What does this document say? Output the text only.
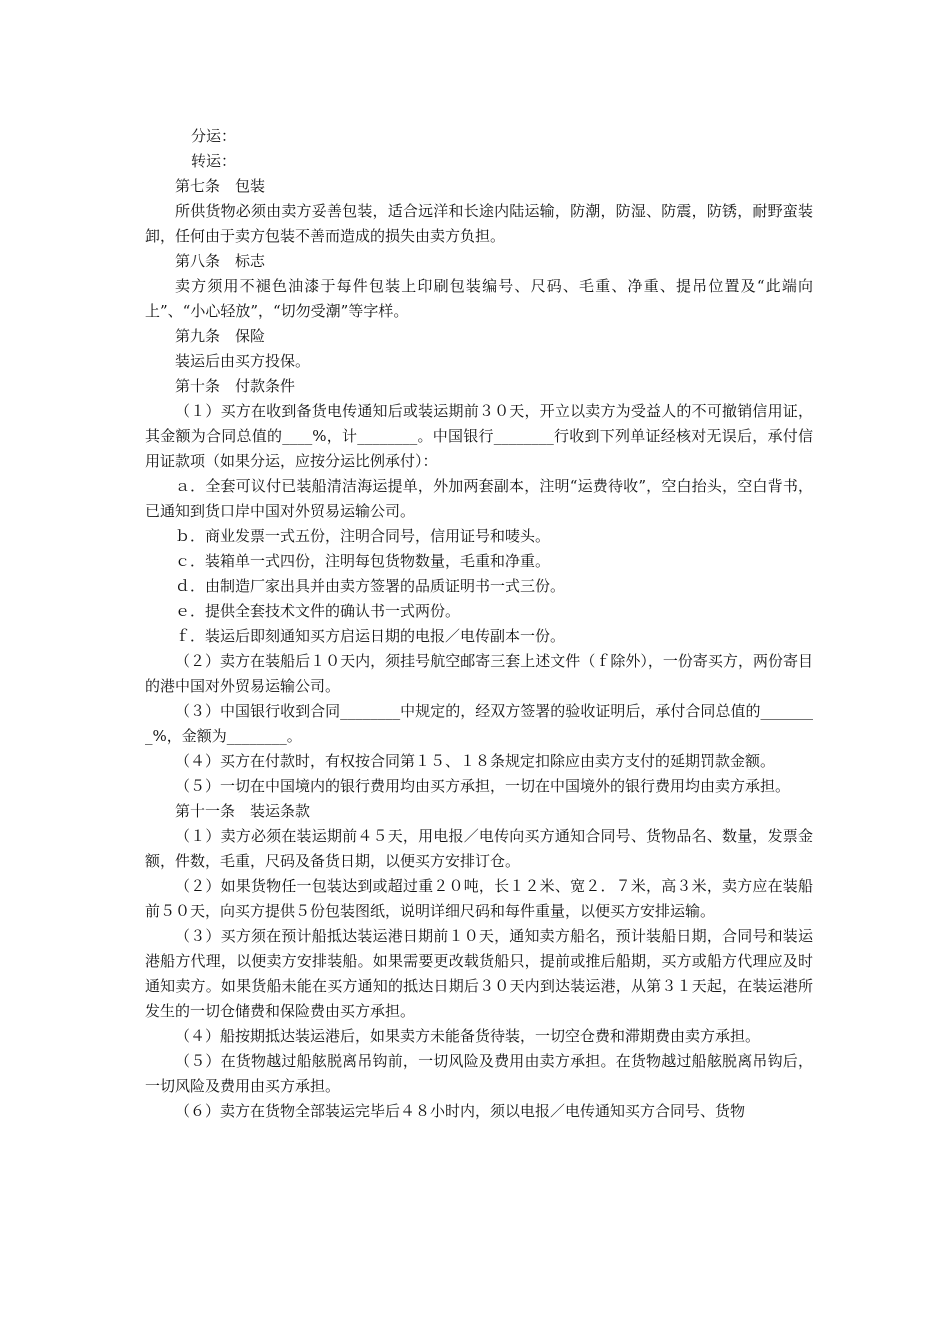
分运：

转运：

第七条　包装

所供货物必须由卖方妥善包装，适合远洋和长途内陆运输，防潮，防湿、防震，防锈，耐野蛮装卸，任何由于卖方包装不善而造成的损失由卖方负担。

第八条　标志

卖方须用不褪色油漆于每件包装上印刷包装编号、尺码、毛重、净重、提吊位置及“此端向上”、“小心轻放”，“切勿受潮”等字样。

第九条　保险

装运后由买方投保。

第十条　付款条件

（１）买方在收到备货电传通知后或装运期前３０天，开立以卖方为受益人的不可撤销信用证，其金额为合同总值的____%，计________。中国银行________行收到下列单证经核对无误后，承付信用证款项（如果分运，应按分运比例承付）：

ａ．全套可议付已装船清洁海运提单，外加两套副本，注明“运费待收”，空白抬头，空白背书，已通知到货口岸中国对外贸易运输公司。

ｂ．商业发票一式五份，注明合同号，信用证号和唛头。

ｃ．装箱单一式四份，注明每包货物数量，毛重和净重。

ｄ．由制造厂家出具并由卖方签署的品质证明书一式三份。

ｅ．提供全套技术文件的确认书一式两份。

ｆ．装运后即刻通知买方启运日期的电报／电传副本一份。

（２）卖方在装船后１０天内，须挂号航空邮寄三套上述文件（ｆ除外），一份寄买方，两份寄目的港中国对外贸易运输公司。

（３）中国银行收到合同________中规定的，经双方签署的验收证明后，承付合同总值的________%，金额为________。

（４）买方在付款时，有权按合同第１５、１８条规定扣除应由卖方支付的延期罚款金额。

（５）一切在中国境内的银行费用均由买方承担，一切在中国境外的银行费用均由卖方承担。

第十一条　装运条款

（１）卖方必须在装运期前４５天，用电报／电传向买方通知合同号、货物品名、数量，发票金额，件数，毛重，尺码及备货日期，以便买方安排订仓。

（２）如果货物任一包装达到或超过重２０吨，长１２米、宽２．７米，高３米，卖方应在装船前５０天，向买方提供５份包装图纸，说明详细尺码和每件重量，以便买方安排运输。

（３）买方须在预计船抵达装运港日期前１０天，通知卖方船名，预计装船日期，合同号和装运港船方代理，以便卖方安排装船。如果需要更改载货船只，提前或推后船期，买方或船方代理应及时通知卖方。如果货船未能在买方通知的抵达日期后３０天内到达装运港，从第３１天起，在装运港所发生的一切仓储费和保险费由买方承担。

（４）船按期抵达装运港后，如果卖方未能备货待装，一切空仓费和滞期费由卖方承担。

（５）在货物越过船舷脱离吊钩前，一切风险及费用由卖方承担。在货物越过船舷脱离吊钩后，一切风险及费用由买方承担。

（６）卖方在货物全部装运完毕后４８小时内，须以电报／电传通知买方合同号、货物
